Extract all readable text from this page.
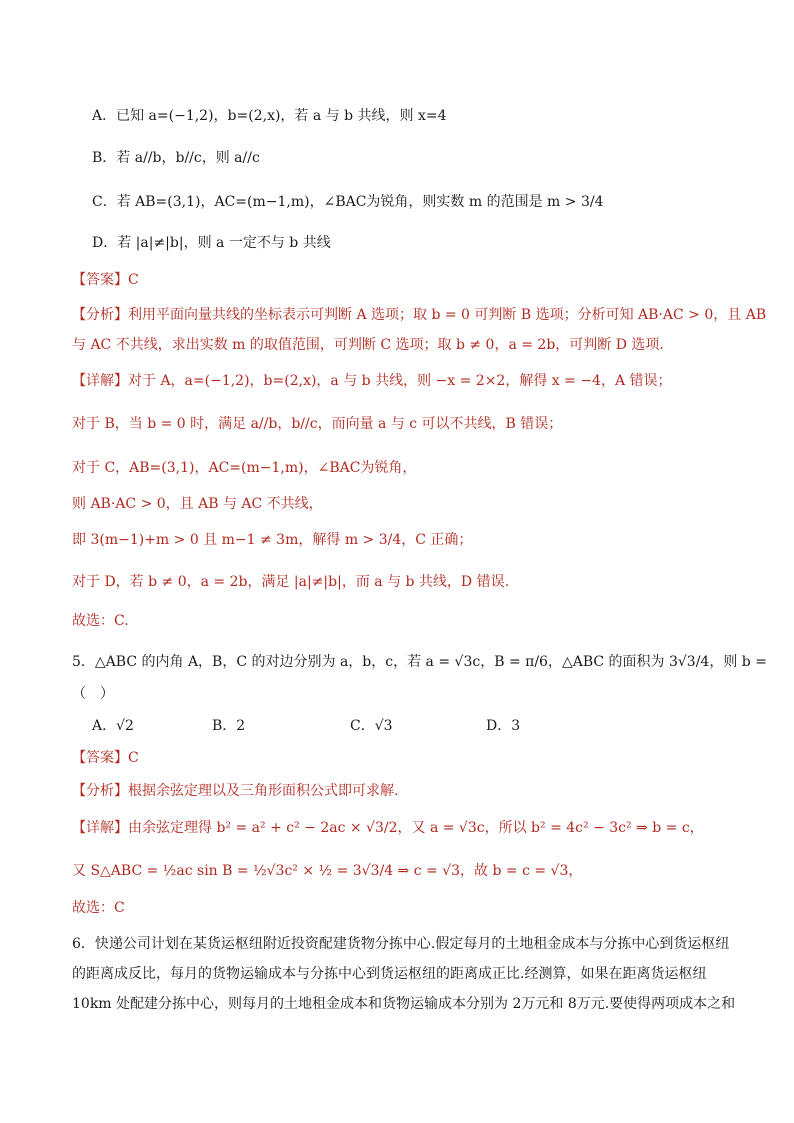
A．已知 a=(−1,2)，b=(2,x)，若 a 与 b 共线，则 x=4
B．若 a//b，b//c，则 a//c
C．若 AB=(3,1)，AC=(m−1,m)，∠BAC为锐角，则实数 m 的范围是 m > 3/4
D．若 |a|≠|b|，则 a 一定不与 b 共线
【答案】C
【分析】利用平面向量共线的坐标表示可判断 A 选项；取 b = 0 可判断 B 选项；分析可知 AB·AC > 0，且 AB
与 AC 不共线，求出实数 m 的取值范围，可判断 C 选项；取 b ≠ 0，a = 2b，可判断 D 选项.
【详解】对于 A，a=(−1,2)，b=(2,x)，a 与 b 共线，则 −x = 2×2，解得 x = −4，A 错误；
对于 B，当 b = 0 时，满足 a//b，b//c，而向量 a 与 c 可以不共线，B 错误；
对于 C，AB=(3,1)，AC=(m−1,m)，∠BAC为锐角，
则 AB·AC > 0，且 AB 与 AC 不共线，
即 3(m−1)+m > 0 且 m−1 ≠ 3m，解得 m > 3/4，C 正确；
对于 D，若 b ≠ 0，a = 2b，满足 |a|≠|b|，而 a 与 b 共线，D 错误.
故选：C.
5．△ABC 的内角 A，B，C 的对边分别为 a，b，c，若 a = √3c，B = π/6，△ABC 的面积为 3√3/4，则 b =
（　）
A．√2	B．2	C．√3	D．3
【答案】C
【分析】根据余弦定理以及三角形面积公式即可求解.
【详解】由余弦定理得 b² = a² + c² − 2ac × √3/2，又 a = √3c，所以 b² = 4c² − 3c² ⇒ b = c，
又 S△ABC = ½ac sin B = ½√3c² × ½ = 3√3/4 ⇒ c = √3，故 b = c = √3，
故选：C
6．快递公司计划在某货运枢纽附近投资配建货物分拣中心.假定每月的土地租金成本与分拣中心到货运枢纽
的距离成反比，每月的货物运输成本与分拣中心到货运枢纽的距离成正比.经测算，如果在距离货运枢纽
10km 处配建分拣中心，则每月的土地租金成本和货物运输成本分别为 2万元和 8万元.要使得两项成本之和
